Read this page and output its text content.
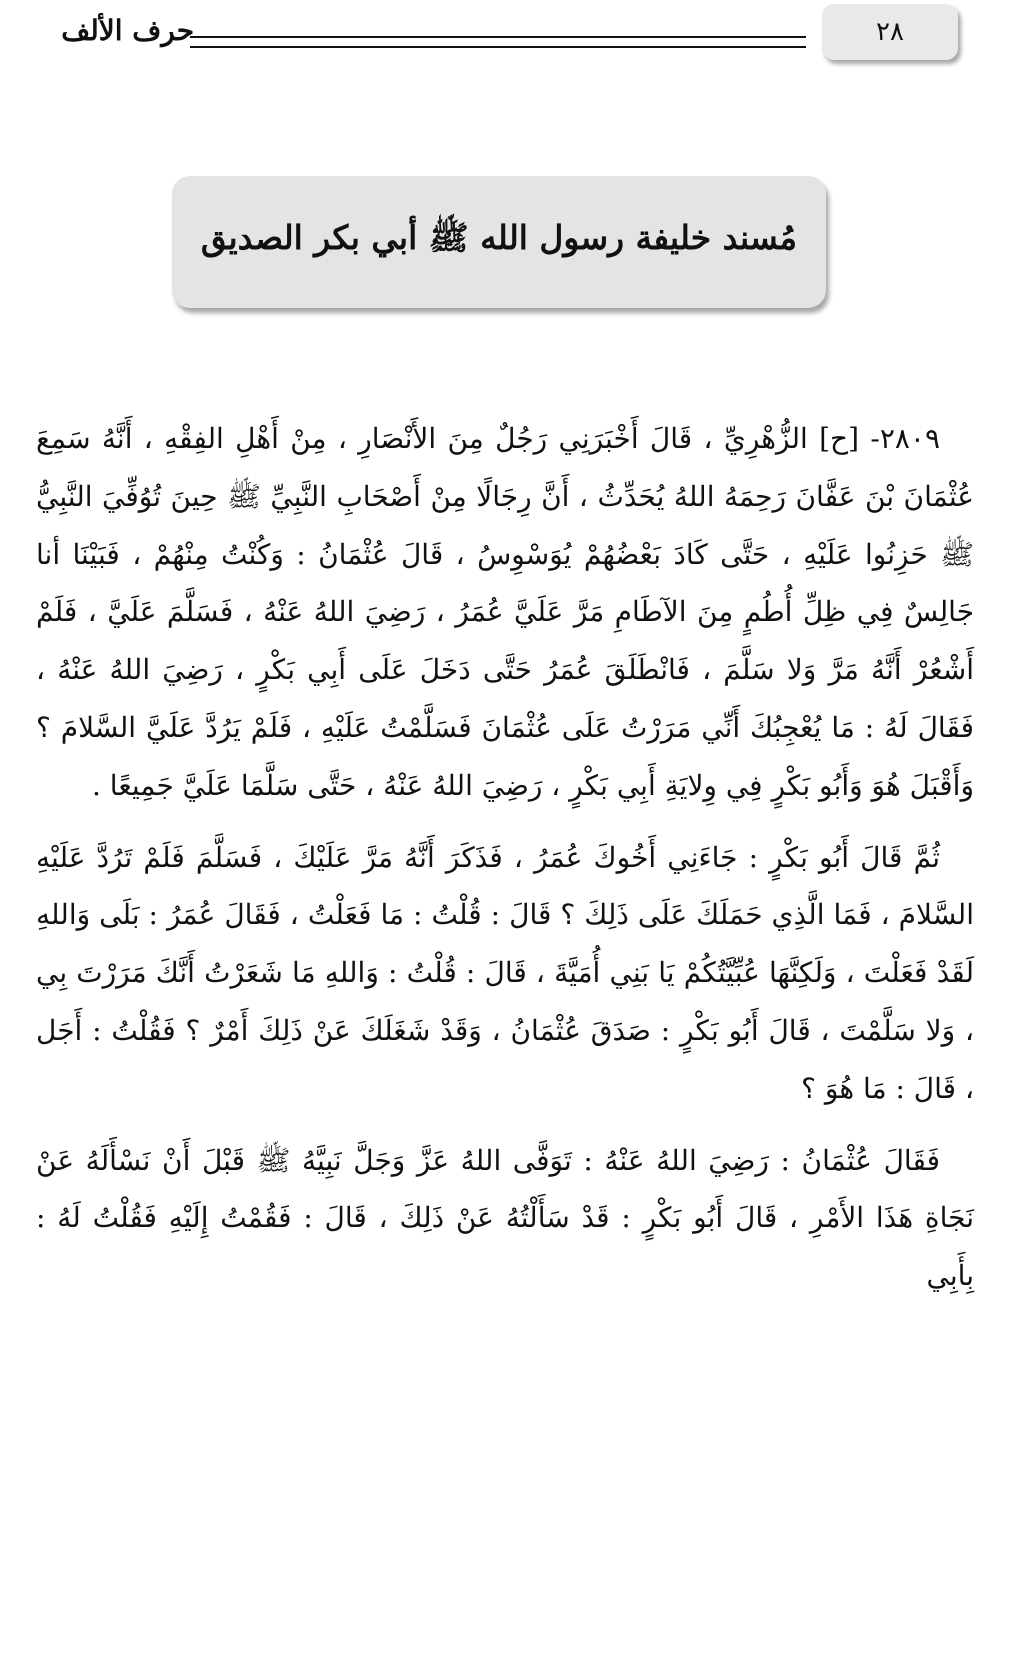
٢٨
حرف الألف
مُسند خليفة رسول الله ﷺ أبي بكر الصديق

٢٨٠٩- [ح] الزُّهْرِيِّ ، قَالَ أَخْبَرَنِي رَجُلٌ مِنَ الأَنْصَارِ ، مِنْ أَهْلِ الفِقْهِ ، أَنَّهُ سَمِعَ عُثْمَانَ بْنَ عَفَّانَ رَحِمَهُ اللهُ يُحَدِّثُ ، أَنَّ رِجَالًا مِنْ أَصْحَابِ النَّبِيِّ ﷺ حِينَ تُوُفِّيَ النَّبِيُّ ﷺ حَزِنُوا عَلَيْهِ ، حَتَّى كَادَ بَعْضُهُمْ يُوَسْوِسُ ، قَالَ عُثْمَانُ : وَكُنْتُ مِنْهُمْ ، فَبَيْنَا أنا جَالِسٌ فِي ظِلِّ أُطُمٍ مِنَ الآطَامِ مَرَّ عَلَيَّ عُمَرُ ، رَضِيَ اللهُ عَنْهُ ، فَسَلَّمَ عَلَيَّ ، فَلَمْ أَشْعُرْ أَنَّهُ مَرَّ وَلا سَلَّمَ ، فَانْطَلَقَ عُمَرُ حَتَّى دَخَلَ عَلَى أَبِي بَكْرٍ ، رَضِيَ اللهُ عَنْهُ ، فَقَالَ لَهُ : مَا يُعْجِبُكَ أَنِّي مَرَرْتُ عَلَى عُثْمَانَ فَسَلَّمْتُ عَلَيْهِ ، فَلَمْ يَرُدَّ عَلَيَّ السَّلامَ ؟ وَأَقْبَلَ هُوَ وَأَبُو بَكْرٍ فِي وِلايَةِ أَبِي بَكْرٍ ، رَضِيَ اللهُ عَنْهُ ، حَتَّى سَلَّمَا عَلَيَّ جَمِيعًا .

ثُمَّ قَالَ أَبُو بَكْرٍ : جَاءَنِي أَخُوكَ عُمَرُ ، فَذَكَرَ أَنَّهُ مَرَّ عَلَيْكَ ، فَسَلَّمَ فَلَمْ تَرُدَّ عَلَيْهِ السَّلامَ ، فَمَا الَّذِي حَمَلَكَ عَلَى ذَلِكَ ؟ قَالَ : قُلْتُ : مَا فَعَلْتُ ، فَقَالَ عُمَرُ : بَلَى وَاللهِ لَقَدْ فَعَلْتَ ، وَلَكِنَّهَا عُبِّيَّتُكُمْ يَا بَنِي أُمَيَّةَ ، قَالَ : قُلْتُ : وَاللهِ مَا شَعَرْتُ أَنَّكَ مَرَرْتَ بِي ، وَلا سَلَّمْتَ ، قَالَ أَبُو بَكْرٍ : صَدَقَ عُثْمَانُ ، وَقَدْ شَغَلَكَ عَنْ ذَلِكَ أَمْرٌ ؟ فَقُلْتُ : أَجَل ، قَالَ : مَا هُوَ ؟

فَقَالَ عُثْمَانُ : رَضِيَ اللهُ عَنْهُ : تَوَفَّى اللهُ عَزَّ وَجَلَّ نَبِيَّهُ ﷺ قَبْلَ أَنْ نَسْأَلَهُ عَنْ نَجَاةِ هَذَا الأَمْرِ ، قَالَ أَبُو بَكْرٍ : قَدْ سَأَلْتُهُ عَنْ ذَلِكَ ، قَالَ : فَقُمْتُ إِلَيْهِ فَقُلْتُ لَهُ : بِأَبِي
